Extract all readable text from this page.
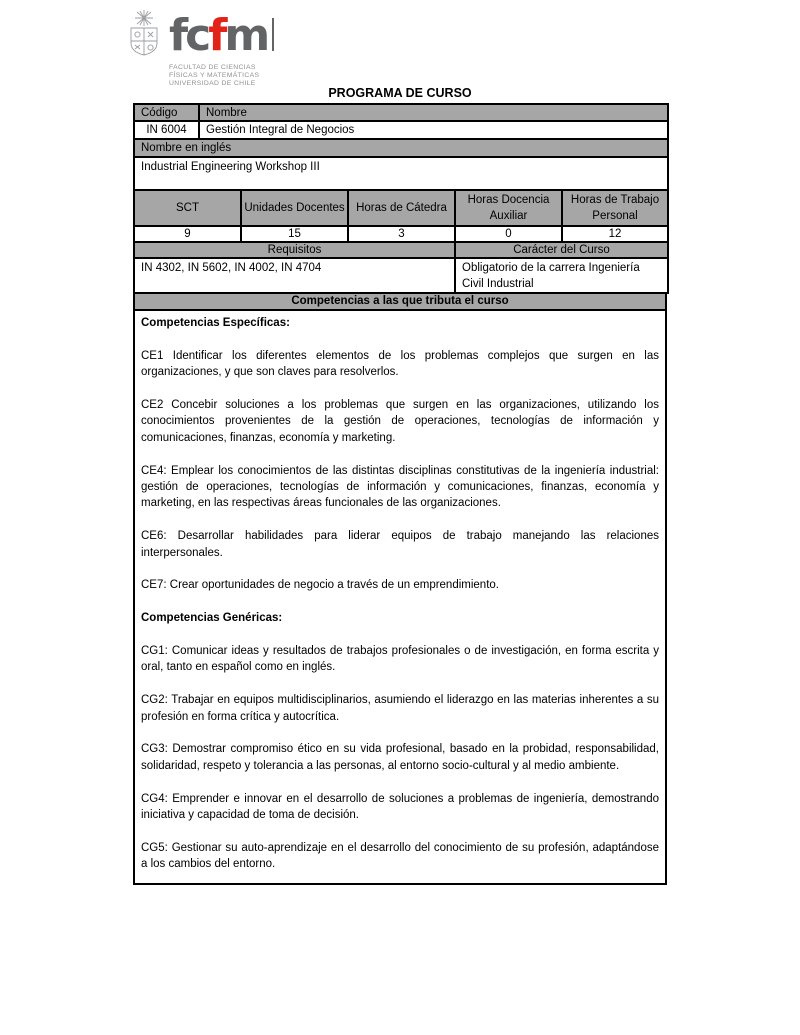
fcfm
FACULTAD DE CIENCIAS
FÍSICAS Y MATEMÁTICAS
UNIVERSIDAD DE CHILE
PROGRAMA DE CURSO
Código	Nombre
IN 6004	Gestión Integral de Negocios
Nombre en inglés	
Industrial Engineering Workshop III	
SCT	Unidades Docentes	Horas de Cátedra	Horas Docencia Auxiliar	Horas de Trabajo Personal
9	15	3	0	12
Requisitos			Carácter del Curso	
IN 4302, IN 5602, IN 4002, IN 4704			Obligatorio de la carrera Ingeniería Civil Industrial	
Competencias a las que tributa el curso

Competencias Específicas:

CE1 Identificar los diferentes elementos de los problemas complejos que surgen en las organizaciones, y que son claves para resolverlos.

CE2 Concebir soluciones a los problemas que surgen en las organizaciones, utilizando los conocimientos provenientes de la gestión de operaciones, tecnologías de información y comunicaciones, finanzas, economía y marketing.

CE4: Emplear los conocimientos de las distintas disciplinas constitutivas de la ingeniería industrial: gestión de operaciones, tecnologías de información y comunicaciones, finanzas, economía y marketing, en las respectivas áreas funcionales de las organizaciones.

CE6: Desarrollar habilidades para liderar equipos de trabajo manejando las relaciones interpersonales.

CE7: Crear oportunidades de negocio a través de un emprendimiento.

Competencias Genéricas:

CG1: Comunicar ideas y resultados de trabajos profesionales o de investigación, en forma escrita y oral, tanto en español como en inglés.

CG2: Trabajar en equipos multidisciplinarios, asumiendo el liderazgo en las materias inherentes a su profesión en forma crítica y autocrítica.

CG3: Demostrar compromiso ético en su vida profesional, basado en la probidad, responsabilidad, solidaridad, respeto y tolerancia a las personas, al entorno socio-cultural y al medio ambiente.

CG4: Emprender e innovar en el desarrollo de soluciones a problemas de ingeniería, demostrando iniciativa y capacidad de toma de decisión.

CG5: Gestionar su auto-aprendizaje en el desarrollo del conocimiento de su profesión, adaptándose a los cambios del entorno.
